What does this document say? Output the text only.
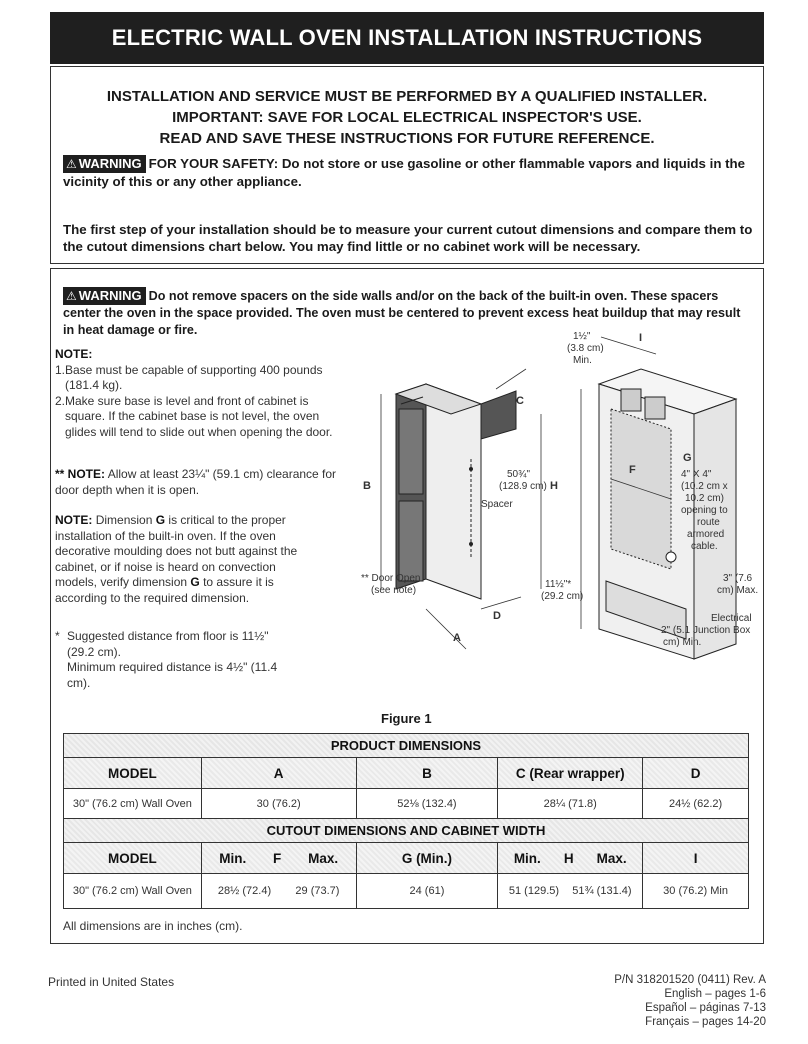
ELECTRIC WALL OVEN INSTALLATION INSTRUCTIONS
INSTALLATION AND SERVICE MUST BE PERFORMED BY A QUALIFIED INSTALLER.
IMPORTANT: SAVE FOR LOCAL ELECTRICAL INSPECTOR'S USE.
READ AND SAVE THESE INSTRUCTIONS FOR FUTURE REFERENCE.
⚠ WARNING FOR YOUR SAFETY: Do not store or use gasoline or other flammable vapors and liquids in the vicinity of this or any other appliance.
The first step of your installation should be to measure your current cutout dimensions and compare them to the cutout dimensions chart below. You may find little or no cabinet work will be necessary.
⚠ WARNING Do not remove spacers on the side walls and/or on the back of the built-in oven. These spacers center the oven in the space provided. The oven must be centered to prevent excess heat buildup that may result in heat damage or fire.
NOTE:
1. Base must be capable of supporting 400 pounds (181.4 kg).
2. Make sure base is level and front of cabinet is square. If the cabinet base is not level, the oven glides will tend to slide out when opening the door.
** NOTE: Allow at least 23¼" (59.1 cm) clearance for door depth when it is open.
NOTE: Dimension G is critical to the proper installation of the built-in oven. If the oven decorative moulding does not butt against the cabinet, or if noise is heard on convection models, verify dimension G to assure it is according to the required dimension.
* Suggested distance from floor is 11½" (29.2 cm).
Minimum required distance is 4½" (11.4 cm).
B
C
50¾"
(128.9 cm) H
Spacer
** Door Open
(see note)
A
D
1½"
(3.8 cm)
Min.
I
F
G
11½"*
(29.2 cm)
4" X 4"
(10.2 cm x
10.2 cm)
opening to
route
armored
cable.
3" (7.6
cm) Max.
Electrical
Junction Box
2" (5.1
cm) Min.
Figure 1
PRODUCT DIMENSIONS				
MODEL	A	B	C (Rear wrapper)	D
30" (76.2 cm) Wall Oven	30 (76.2)	52⅛ (132.4)	28¼ (71.8)	24½ (62.2)
CUTOUT DIMENSIONS AND CABINET WIDTH				
MODEL	Min. F Max.	G (Min.)	Min. H Max.	I
30" (76.2 cm) Wall Oven	28½ (72.4) 29 (73.7)	24 (61)	51 (129.5) 51¾ (131.4)	30 (76.2) Min
All dimensions are in inches (cm).
Printed in United States	P/N 318201520 (0411) Rev. A
English – pages 1-6
Español – páginas 7-13
Français – pages 14-20
